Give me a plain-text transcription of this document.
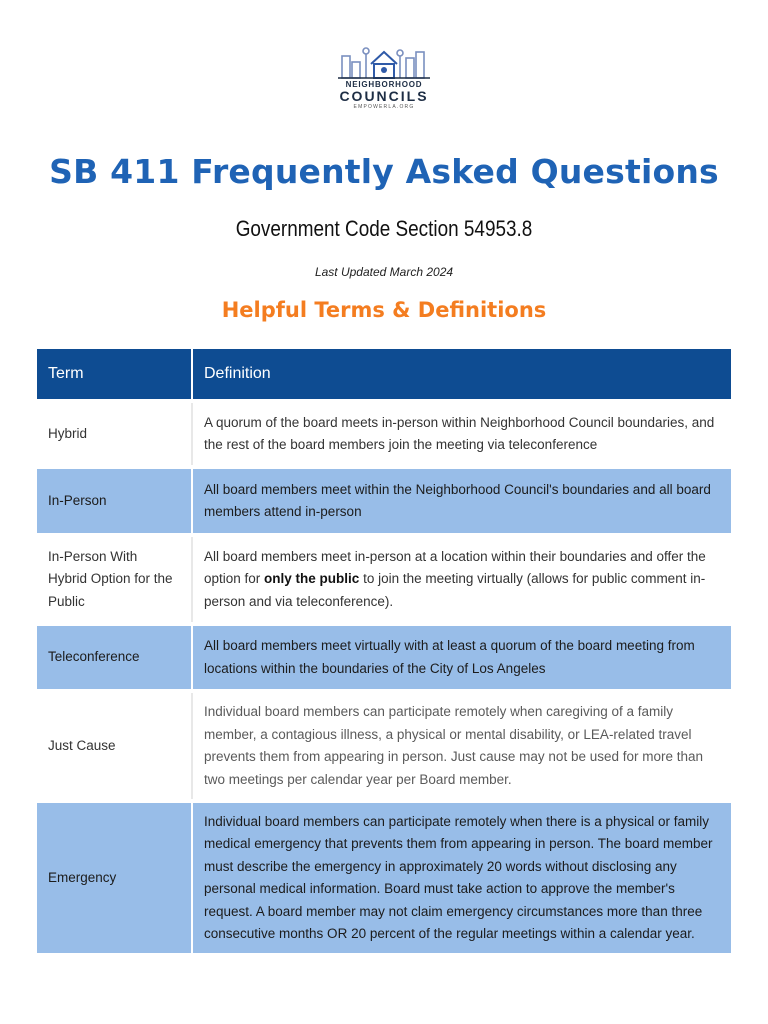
NEIGHBORHOOD
COUNCILS
EMPOWERLA.ORG
SB 411 Frequently Asked Questions
Government Code Section 54953.8
Last Updated March 2024
Helpful Terms & Definitions
Term	Definition

Hybrid	A quorum of the board meets in-person within Neighborhood Council boundaries, and the rest of the board members join the meeting via teleconference

In-Person	All board members meet within the Neighborhood Council's boundaries and all board members attend in-person

In-Person With Hybrid Option for the Public	All board members meet in-person at a location within their boundaries and offer the option for only the public to join the meeting virtually (allows for public comment in-person and via teleconference).

Teleconference	All board members meet virtually with at least a quorum of the board meeting from locations within the boundaries of the City of Los Angeles

Just Cause	Individual board members can participate remotely when caregiving of a family member, a contagious illness, a physical or mental disability, or LEA-related travel prevents them from appearing in person. Just cause may not be used for more than two meetings per calendar year per Board member.

Emergency	Individual board members can participate remotely when there is a physical or family medical emergency that prevents them from appearing in person. The board member must describe the emergency in approximately 20 words without disclosing any personal medical information. Board must take action to approve the member's request. A board member may not claim emergency circumstances more than three consecutive months OR 20 percent of the regular meetings within a calendar year.
